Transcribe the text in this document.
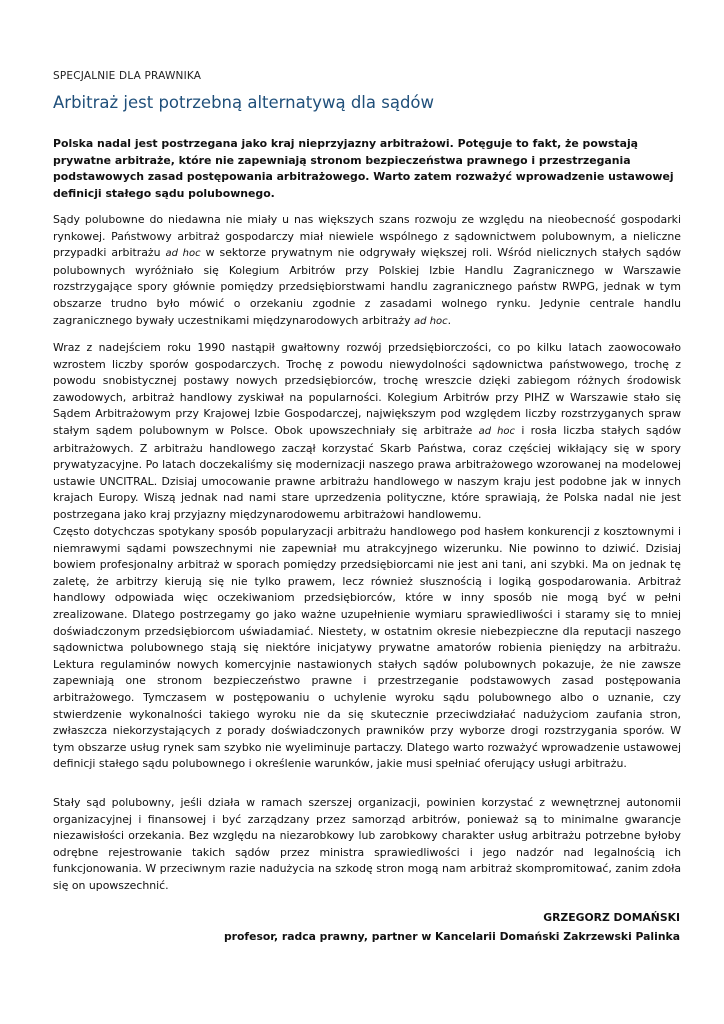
SPECJALNIE DLA PRAWNIKA
Arbitraż jest potrzebną alternatywą dla sądów
Polska nadal jest postrzegana jako kraj nieprzyjazny arbitrażowi. Potęguje to fakt, że powstają prywatne arbitraże, które nie zapewniają stronom bezpieczeństwa prawnego i przestrzegania podstawowych zasad postępowania arbitrażowego. Warto zatem rozważyć wprowadzenie ustawowej definicji stałego sądu polubownego.
Sądy polubowne do niedawna nie miały u nas większych szans rozwoju ze względu na nieobecność gospodarki rynkowej. Państwowy arbitraż gospodarczy miał niewiele wspólnego z sądownictwem polubownym, a nieliczne przypadki arbitrażu ad hoc w sektorze prywatnym nie odgrywały większej roli. Wśród nielicznych stałych sądów polubownych wyróżniało się Kolegium Arbitrów przy Polskiej Izbie Handlu Zagranicznego w Warszawie rozstrzygające spory głównie pomiędzy przedsiębiorstwami handlu zagranicznego państw RWPG, jednak w tym obszarze trudno było mówić o orzekaniu zgodnie z zasadami wolnego rynku. Jedynie centrale handlu zagranicznego bywały uczestnikami międzynarodowych arbitraży ad hoc.
Wraz z nadejściem roku 1990 nastąpił gwałtowny rozwój przedsiębiorczości, co po kilku latach zaowocowało wzrostem liczby sporów gospodarczych. Trochę z powodu niewydolności sądownictwa państwowego, trochę z powodu snobistycznej postawy nowych przedsiębiorców, trochę wreszcie dzięki zabiegom różnych środowisk zawodowych, arbitraż handlowy zyskiwał na popularności. Kolegium Arbitrów przy PIHZ w Warszawie stało się Sądem Arbitrażowym przy Krajowej Izbie Gospodarczej, największym pod względem liczby rozstrzyganych spraw stałym sądem polubownym w Polsce. Obok upowszechniały się arbitraże ad hoc i rosła liczba stałych sądów arbitrażowych. Z arbitrażu handlowego zaczął korzystać Skarb Państwa, coraz częściej wikłający się w spory prywatyzacyjne. Po latach doczekaliśmy się modernizacji naszego prawa arbitrażowego wzorowanej na modelowej ustawie UNCITRAL. Dzisiaj umocowanie prawne arbitrażu handlowego w naszym kraju jest podobne jak w innych krajach Europy. Wiszą jednak nad nami stare uprzedzenia polityczne, które sprawiają, że Polska nadal nie jest postrzegana jako kraj przyjazny międzynarodowemu arbitrażowi handlowemu.
Często dotychczas spotykany sposób popularyzacji arbitrażu handlowego pod hasłem konkurencji z kosztownymi i niemrawymi sądami powszechnymi nie zapewniał mu atrakcyjnego wizerunku. Nie powinno to dziwić. Dzisiaj bowiem profesjonalny arbitraż w sporach pomiędzy przedsiębiorcami nie jest ani tani, ani szybki. Ma on jednak tę zaletę, że arbitrzy kierują się nie tylko prawem, lecz również słusznością i logiką gospodarowania. Arbitraż handlowy odpowiada więc oczekiwaniom przedsiębiorców, które w inny sposób nie mogą być w pełni zrealizowane. Dlatego postrzegamy go jako ważne uzupełnienie wymiaru sprawiedliwości i staramy się to mniej doświadczonym przedsiębiorcom uświadamiać. Niestety, w ostatnim okresie niebezpieczne dla reputacji naszego sądownictwa polubownego stają się niektóre inicjatywy prywatne amatorów robienia pieniędzy na arbitrażu. Lektura regulaminów nowych komercyjnie nastawionych stałych sądów polubownych pokazuje, że nie zawsze zapewniają one stronom bezpieczeństwo prawne i przestrzeganie podstawowych zasad postępowania arbitrażowego. Tymczasem w postępowaniu o uchylenie wyroku sądu polubownego albo o uznanie, czy stwierdzenie wykonalności takiego wyroku nie da się skutecznie przeciwdziałać nadużyciom zaufania stron, zwłaszcza niekorzystających z porady doświadczonych prawników przy wyborze drogi rozstrzygania sporów. W tym obszarze usług rynek sam szybko nie wyeliminuje partaczy. Dlatego warto rozważyć wprowadzenie ustawowej definicji stałego sądu polubownego i określenie warunków, jakie musi spełniać oferujący usługi arbitrażu.
Stały sąd polubowny, jeśli działa w ramach szerszej organizacji, powinien korzystać z wewnętrznej autonomii organizacyjnej i finansowej i być zarządzany przez samorząd arbitrów, ponieważ są to minimalne gwarancje niezawisłości orzekania. Bez względu na niezarobkowy lub zarobkowy charakter usług arbitrażu potrzebne byłoby odrębne rejestrowanie takich sądów przez ministra sprawiedliwości i jego nadzór nad legalnością ich funkcjonowania. W przeciwnym razie nadużycia na szkodę stron mogą nam arbitraż skompromitować, zanim zdoła się on upowszechnić.
GRZEGORZ DOMAŃSKI
profesor, radca prawny, partner w Kancelarii Domański Zakrzewski Palinka
